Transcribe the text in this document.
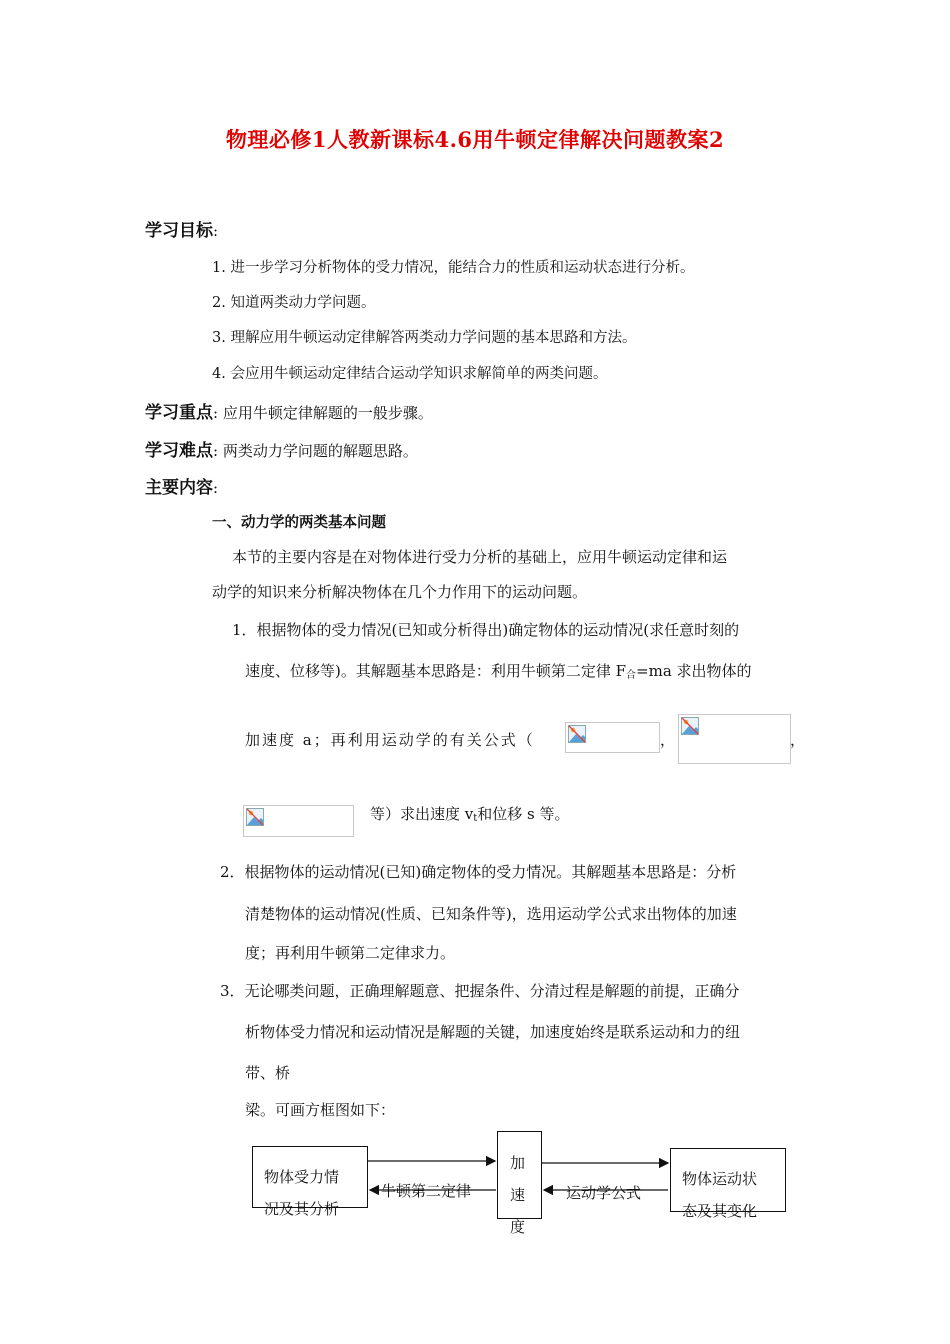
物理必修1人教新课标4.6用牛顿定律解决问题教案2
学习目标:
1. 进一步学习分析物体的受力情况，能结合力的性质和运动状态进行分析。
2. 知道两类动力学问题。
3. 理解应用牛顿运动定律解答两类动力学问题的基本思路和方法。
4. 会应用牛顿运动定律结合运动学知识求解简单的两类问题。
学习重点: 应用牛顿定律解题的一般步骤。
学习难点: 两类动力学问题的解题思路。
主要内容:
一、动力学的两类基本问题
本节的主要内容是在对物体进行受力分析的基础上，应用牛顿运动定律和运
动学的知识来分析解决物体在几个力作用下的运动问题。
1．根据物体的受力情况(已知或分析得出)确定物体的运动情况(求任意时刻的
速度、位移等)。其解题基本思路是：利用牛顿第二定律 $F_合=ma$ 求出物体的
加速度 a；再利用运动学的有关公式（	，	，
等）求出速度 $v_t$和位移 s 等。
2．根据物体的运动情况(已知)确定物体的受力情况。其解题基本思路是：分析
清楚物体的运动情况(性质、已知条件等)，选用运动学公式求出物体的加速
度；再利用牛顿第二定律求力。
3．无论哪类问题，正确理解题意、把握条件、分清过程是解题的前提，正确分
析物体受力情况和运动情况是解题的关键，加速度始终是联系运动和力的纽
带、桥
梁。可画方框图如下：
物体受力情
况及其分析
加
速
度
物体运动状
态及其变化
牛顿第二定律	运动学公式
